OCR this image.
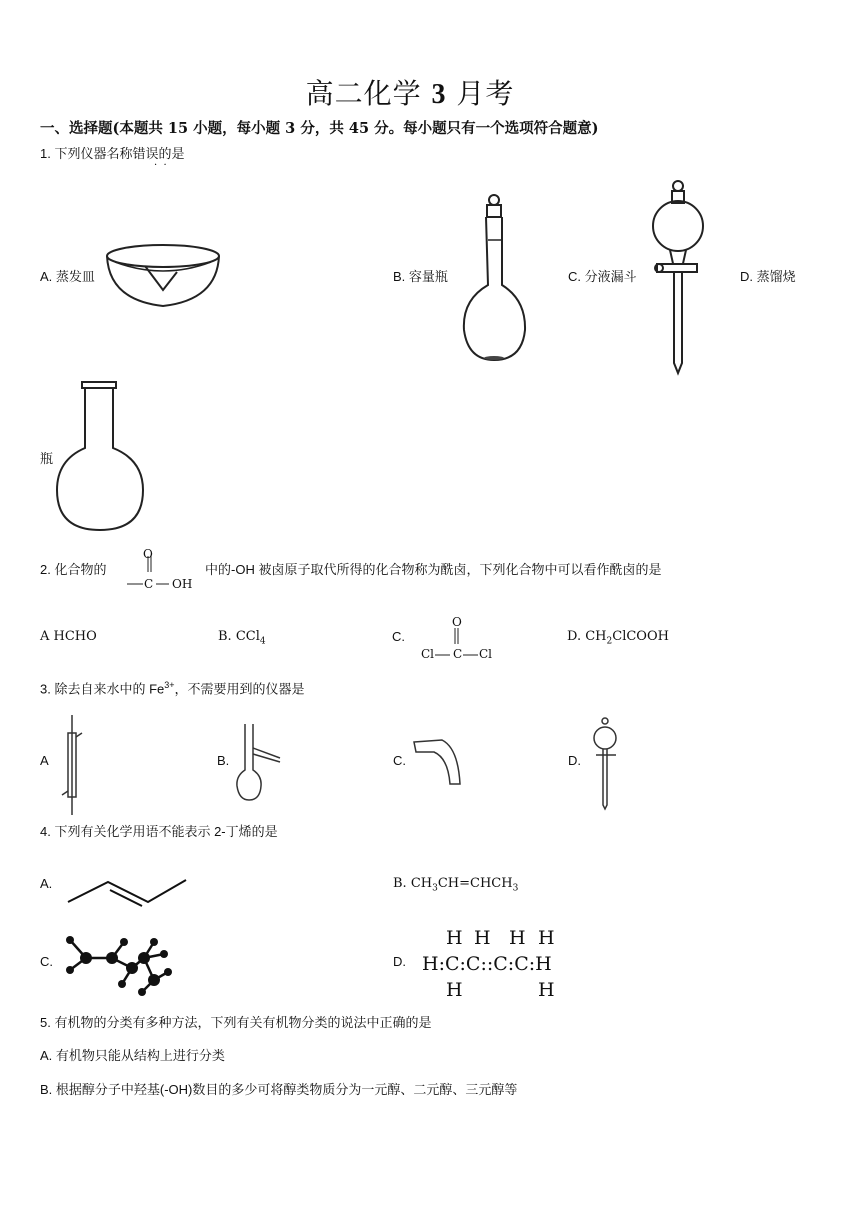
高二化学 3 月考
一、选择题(本题共 15 小题，每小题 3 分，共 45 分。每小题只有一个选项符合题意)
1. 下列仪器名称错误的是
·  ·
A. 蒸发皿	B. 容量瓶	C. 分液漏斗	D. 蒸馏烧
瓶
2. 化合物的
O
C OH
中的-OH 被卤原子取代所得的化合物称为酰卤，下列化合物中可以看作酰卤的是
A HCHO	B. CCl$_4$	C.
O
Cl C Cl
D. $CH_2ClCOOH$
3. 除去自来水中的 $Fe^{3+}$，不需要用到的仪器是
A	B.	C.	D.
4. 下列有关化学用语不能表示 2-丁烯的是
A.	B. $CH_3CH=CHCH_3$
C.	D.
H H H H
H:C:C::C:C:H
H	H
5. 有机物的分类有多种方法，下列有关有机物分类的说法中正确的是
A. 有机物只能从结构上进行分类
B. 根据醇分子中羟基(-OH)数目的多少可将醇类物质分为一元醇、二元醇、三元醇等
